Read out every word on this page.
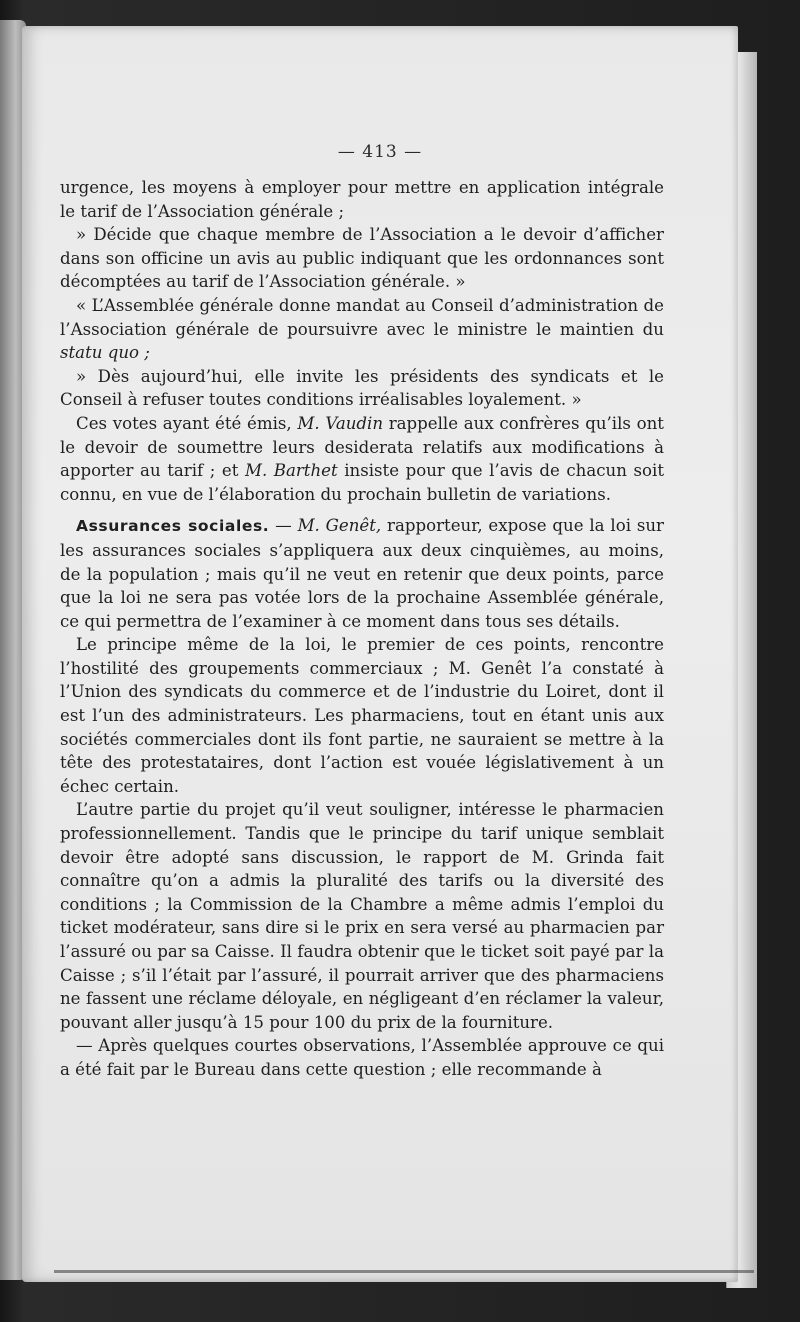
— 413 —

urgence, les moyens à employer pour mettre en application intégrale le tarif de l’Association générale ;

» Décide que chaque membre de l’Association a le devoir d’afficher dans son officine un avis au public indiquant que les ordonnances sont décomptées au tarif de l’Association générale. »

« L’Assemblée générale donne mandat au Conseil d’administration de l’Association générale de poursuivre avec le ministre le maintien du statu quo ;

» Dès aujourd’hui, elle invite les présidents des syndicats et le Conseil à refuser toutes conditions irréalisables loyalement. »

Ces votes ayant été émis, M. Vaudin rappelle aux confrères qu’ils ont le devoir de soumettre leurs desiderata relatifs aux modifications à apporter au tarif ; et M. Barthet insiste pour que l’avis de chacun soit connu, en vue de l’élaboration du prochain bulletin de variations.

Assurances sociales. — M. Genêt, rapporteur, expose que la loi sur les assurances sociales s’appliquera aux deux cinquièmes, au moins, de la population ; mais qu’il ne veut en retenir que deux points, parce que la loi ne sera pas votée lors de la prochaine Assemblée générale, ce qui permettra de l’examiner à ce moment dans tous ses détails.

Le principe même de la loi, le premier de ces points, rencontre l’hostilité des groupements commerciaux ; M. Genêt l’a constaté à l’Union des syndicats du commerce et de l’industrie du Loiret, dont il est l’un des administrateurs. Les pharmaciens, tout en étant unis aux sociétés commerciales dont ils font partie, ne sauraient se mettre à la tête des protestataires, dont l’action est vouée législativement à un échec certain.

L’autre partie du projet qu’il veut souligner, intéresse le pharmacien professionnellement. Tandis que le principe du tarif unique semblait devoir être adopté sans discussion, le rapport de M. Grinda fait connaître qu’on a admis la pluralité des tarifs ou la diversité des conditions ; la Commission de la Chambre a même admis l’emploi du ticket modérateur, sans dire si le prix en sera versé au pharmacien par l’assuré ou par sa Caisse. Il faudra obtenir que le ticket soit payé par la Caisse ; s’il l’était par l’assuré, il pourrait arriver que des pharmaciens ne fassent une réclame déloyale, en négligeant d’en réclamer la valeur, pouvant aller jusqu’à 15 pour 100 du prix de la fourniture.

— Après quelques courtes observations, l’Assemblée approuve ce qui a été fait par le Bureau dans cette question ; elle recommande à
